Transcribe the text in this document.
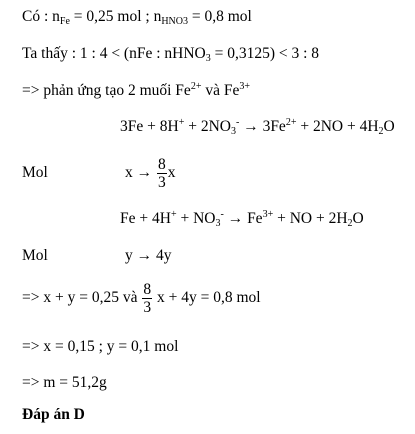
Có : $n_{Fe} = 0,25$ mol ; $n_{HNO3} = 0,8$ mol
Ta thấy : 1 : 4 < (nFe : nHNO$_3$ = 0,3125) < 3 : 8
=> phản ứng tạo 2 muối $Fe^{2+}$ và $Fe^{3+}$
$3Fe + 8H^+ + 2NO_3^- \to 3Fe^{2+} + 2NO + 4H_2O$
Mol	$x \to \frac{8}{3}$ x
$Fe + 4H^+ + NO_3^- \to Fe^{3+}$ + NO + $2H_2O$
Mol	y → 4y
=> x + y = 0,25 và $\frac{8}{3}$ x + 4y = 0,8 mol
=> x = 0,15 ; y = 0,1 mol
=> m = 51,2g
Đáp án D
